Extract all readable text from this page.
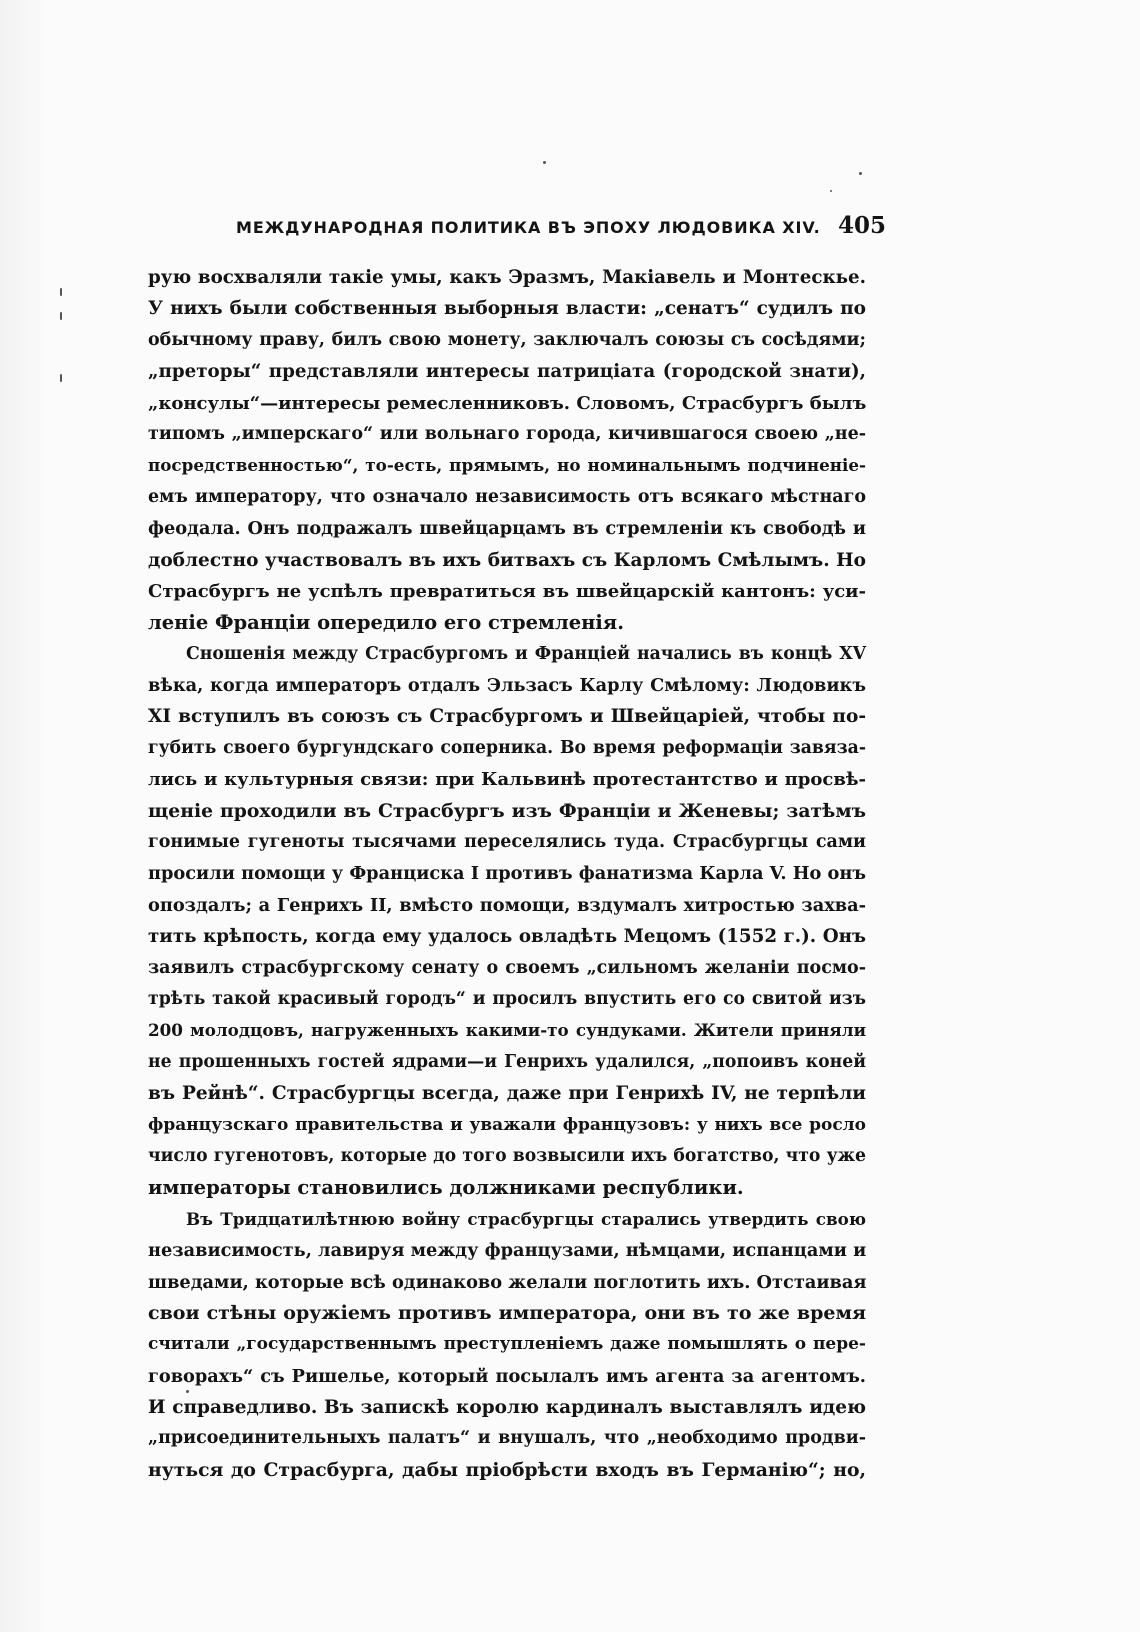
МЕЖДУНАРОДНАЯ ПОЛИТИКА ВЪ ЭПОХУ ЛЮДОВИКА XIV. 405
рую восхваляли такіе умы, какъ Эразмъ, Макіавель и Монтескье.
У нихъ были собственныя выборныя власти: „сенатъ“ судилъ по
обычному праву, билъ свою монету, заключалъ союзы съ сосѣдями;
„преторы“ представляли интересы патриціата (городской знати),
„консулы“—интересы ремесленниковъ. Словомъ, Страсбургъ былъ
типомъ „имперскаго“ или вольнаго города, кичившагося своею „не-
посредственностью“, то-есть, прямымъ, но номинальнымъ подчиненіе-
емъ императору, что означало независимость отъ всякаго мѣстнаго
феодала. Онъ подражалъ швейцарцамъ въ стремленіи къ свободѣ и
доблестно участвовалъ въ ихъ битвахъ съ Карломъ Смѣлымъ. Но
Страсбургъ не успѣлъ превратиться въ швейцарскій кантонъ: уси-
леніе Франціи опередило его стремленія.
Сношенія между Страсбургомъ и Франціей начались въ концѣ XV
вѣка, когда императоръ отдалъ Эльзасъ Карлу Смѣлому: Людовикъ
XI вступилъ въ союзъ съ Страсбургомъ и Швейцаріей, чтобы по-
губить своего бургундскаго соперника. Во время реформаціи завяза-
лись и культурныя связи: при Кальвинѣ протестантство и просвѣ-
щеніе проходили въ Страсбургъ изъ Франціи и Женевы; затѣмъ
гонимые гугеноты тысячами переселялись туда. Страсбургцы сами
просили помощи у Франциска I противъ фанатизма Карла V. Но онъ
опоздалъ; а Генрихъ II, вмѣсто помощи, вздумалъ хитростью захва-
тить крѣпость, когда ему удалось овладѣть Мецомъ (1552 г.). Онъ
заявилъ страсбургскому сенату о своемъ „сильномъ желаніи посмо-
трѣть такой красивый городъ“ и просилъ впустить его со свитой изъ
200 молодцовъ, нагруженныхъ какими-то сундуками. Жители приняли
не прошенныхъ гостей ядрами—и Генрихъ удалился, „попоивъ коней
въ Рейнѣ“. Страсбургцы всегда, даже при Генрихѣ IV, не терпѣли
французскаго правительства и уважали французовъ: у нихъ все росло
число гугенотовъ, которые до того возвысили ихъ богатство, что уже
императоры становились должниками республики.
Въ Тридцатилѣтнюю войну страсбургцы старались утвердить свою
независимость, лавируя между французами, нѣмцами, испанцами и
шведами, которые всѣ одинаково желали поглотить ихъ. Отстаивая
свои стѣны оружіемъ противъ императора, они въ то же время
считали „государственнымъ преступленіемъ даже помышлять о пере-
говорахъ“ съ Ришелье, который посылалъ имъ агента за агентомъ.
И справедливо. Въ запискѣ королю кардиналъ выставлялъ идею
„присоединительныхъ палатъ“ и внушалъ, что „необходимо продви-
нуться до Страсбурга, дабы пріобрѣсти входъ въ Германію“; но,
